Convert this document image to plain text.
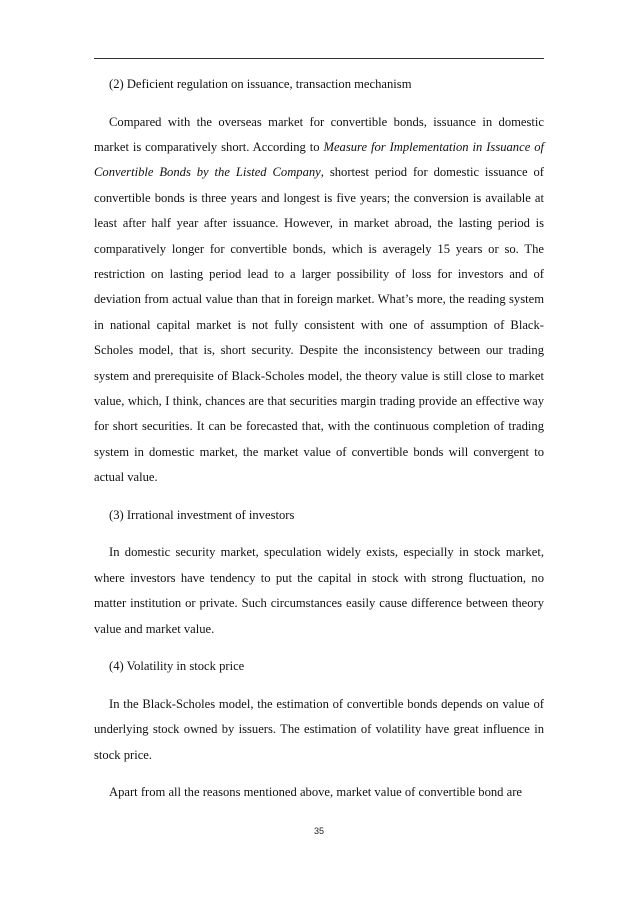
(2) Deficient regulation on issuance, transaction mechanism

Compared with the overseas market for convertible bonds, issuance in domestic market is comparatively short. According to Measure for Implementation in Issuance of Convertible Bonds by the Listed Company, shortest period for domestic issuance of convertible bonds is three years and longest is five years; the conversion is available at least after half year after issuance. However, in market abroad, the lasting period is comparatively longer for convertible bonds, which is averagely 15 years or so. The restriction on lasting period lead to a larger possibility of loss for investors and of deviation from actual value than that in foreign market. What’s more, the reading system in national capital market is not fully consistent with one of assumption of Black-Scholes model, that is, short security. Despite the inconsistency between our trading system and prerequisite of Black-Scholes model, the theory value is still close to market value, which, I think, chances are that securities margin trading provide an effective way for short securities. It can be forecasted that, with the continuous completion of trading system in domestic market, the market value of convertible bonds will convergent to actual value.

(3) Irrational investment of investors

In domestic security market, speculation widely exists, especially in stock market, where investors have tendency to put the capital in stock with strong fluctuation, no matter institution or private. Such circumstances easily cause difference between theory value and market value.

(4) Volatility in stock price

In the Black-Scholes model, the estimation of convertible bonds depends on value of underlying stock owned by issuers. The estimation of volatility have great influence in stock price.

Apart from all the reasons mentioned above, market value of convertible bond are

35
